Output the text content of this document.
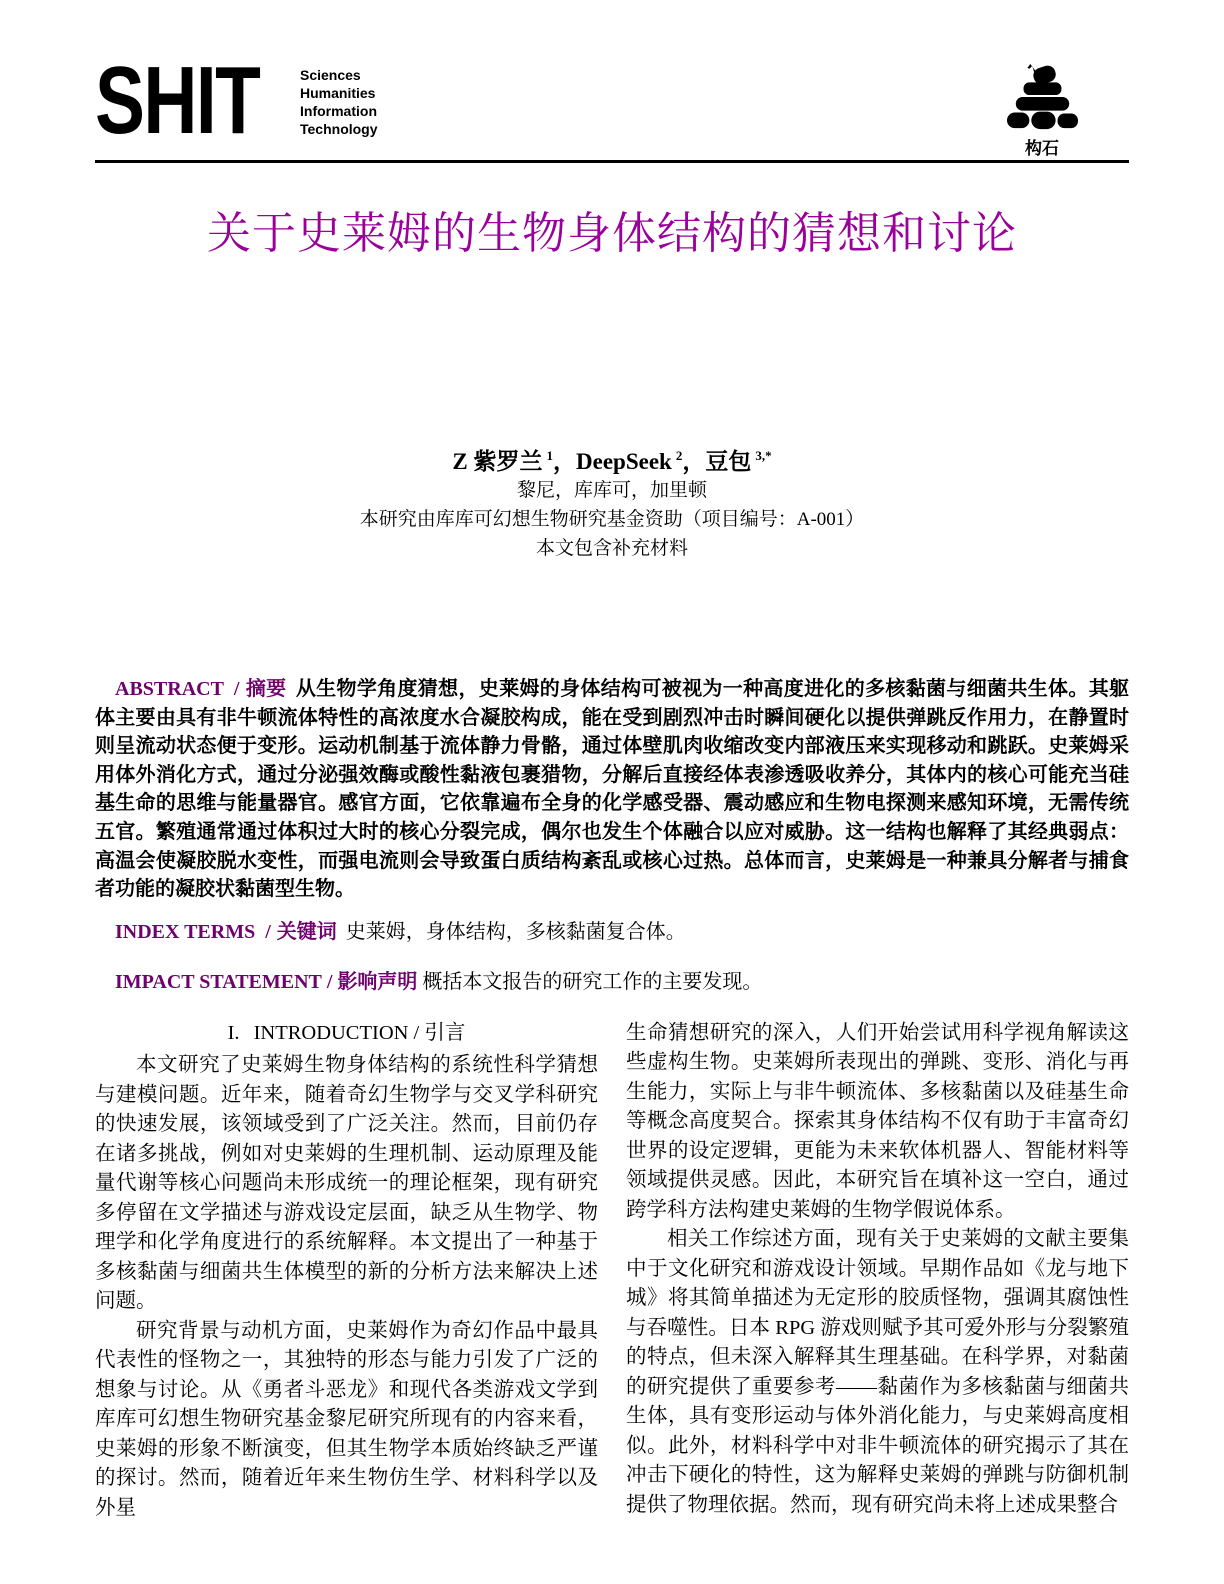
SHIT	Sciences
Humanities
Information
Technology
构石
关于史莱姆的生物身体结构的猜想和讨论
Z 紫罗兰 $^1$，DeepSeek $^2$，豆包 $^{3,*}$
黎尼，库库可，加里顿
本研究由库库可幻想生物研究基金资助（项目编号：A-001）
本文包含补充材料

ABSTRACT / 摘要 从生物学角度猜想，史莱姆的身体结构可被视为一种高度进化的多核黏菌与细菌共生体。其躯体主要由具有非牛顿流体特性的高浓度水合凝胶构成，能在受到剧烈冲击时瞬间硬化以提供弹跳反作用力，在静置时则呈流动状态便于变形。运动机制基于流体静力骨骼，通过体壁肌肉收缩改变内部液压来实现移动和跳跃。史莱姆采用体外消化方式，通过分泌强效酶或酸性黏液包裹猎物，分解后直接经体表渗透吸收养分，其体内的核心可能充当硅基生命的思维与能量器官。感官方面，它依靠遍布全身的化学感受器、震动感应和生物电探测来感知环境，无需传统五官。繁殖通常通过体积过大时的核心分裂完成，偶尔也发生个体融合以应对威胁。这一结构也解释了其经典弱点：高温会使凝胶脱水变性，而强电流则会导致蛋白质结构紊乱或核心过热。总体而言，史莱姆是一种兼具分解者与捕食者功能的凝胶状黏菌型生物。

INDEX TERMS / 关键词 史莱姆，身体结构，多核黏菌复合体。

IMPACT STATEMENT / 影响声明 概括本文报告的研究工作的主要发现。

I. INTRODUCTION / 引言

本文研究了史莱姆生物身体结构的系统性科学猜想与建模问题。近年来，随着奇幻生物学与交叉学科研究的快速发展，该领域受到了广泛关注。然而，目前仍存在诸多挑战，例如对史莱姆的生理机制、运动原理及能量代谢等核心问题尚未形成统一的理论框架，现有研究多停留在文学描述与游戏设定层面，缺乏从生物学、物理学和化学角度进行的系统解释。本文提出了一种基于多核黏菌与细菌共生体模型的新的分析方法来解决上述问题。

研究背景与动机方面，史莱姆作为奇幻作品中最具代表性的怪物之一，其独特的形态与能力引发了广泛的想象与讨论。从《勇者斗恶龙》和现代各类游戏文学到库库可幻想生物研究基金黎尼研究所现有的内容来看，史莱姆的形象不断演变，但其生物学本质始终缺乏严谨的探讨。然而，随着近年来生物仿生学、材料科学以及外星

生命猜想研究的深入，人们开始尝试用科学视角解读这些虚构生物。史莱姆所表现出的弹跳、变形、消化与再生能力，实际上与非牛顿流体、多核黏菌以及硅基生命等概念高度契合。探索其身体结构不仅有助于丰富奇幻世界的设定逻辑，更能为未来软体机器人、智能材料等领域提供灵感。因此，本研究旨在填补这一空白，通过跨学科方法构建史莱姆的生物学假说体系。

相关工作综述方面，现有关于史莱姆的文献主要集中于文化研究和游戏设计领域。早期作品如《龙与地下城》将其简单描述为无定形的胶质怪物，强调其腐蚀性与吞噬性。日本 RPG 游戏则赋予其可爱外形与分裂繁殖的特点，但未深入解释其生理基础。在科学界，对黏菌的研究提供了重要参考——黏菌作为多核黏菌与细菌共生体，具有变形运动与体外消化能力，与史莱姆高度相似。此外，材料科学中对非牛顿流体的研究揭示了其在冲击下硬化的特性，这为解释史莱姆的弹跳与防御机制提供了物理依据。然而，现有研究尚未将上述成果整合
